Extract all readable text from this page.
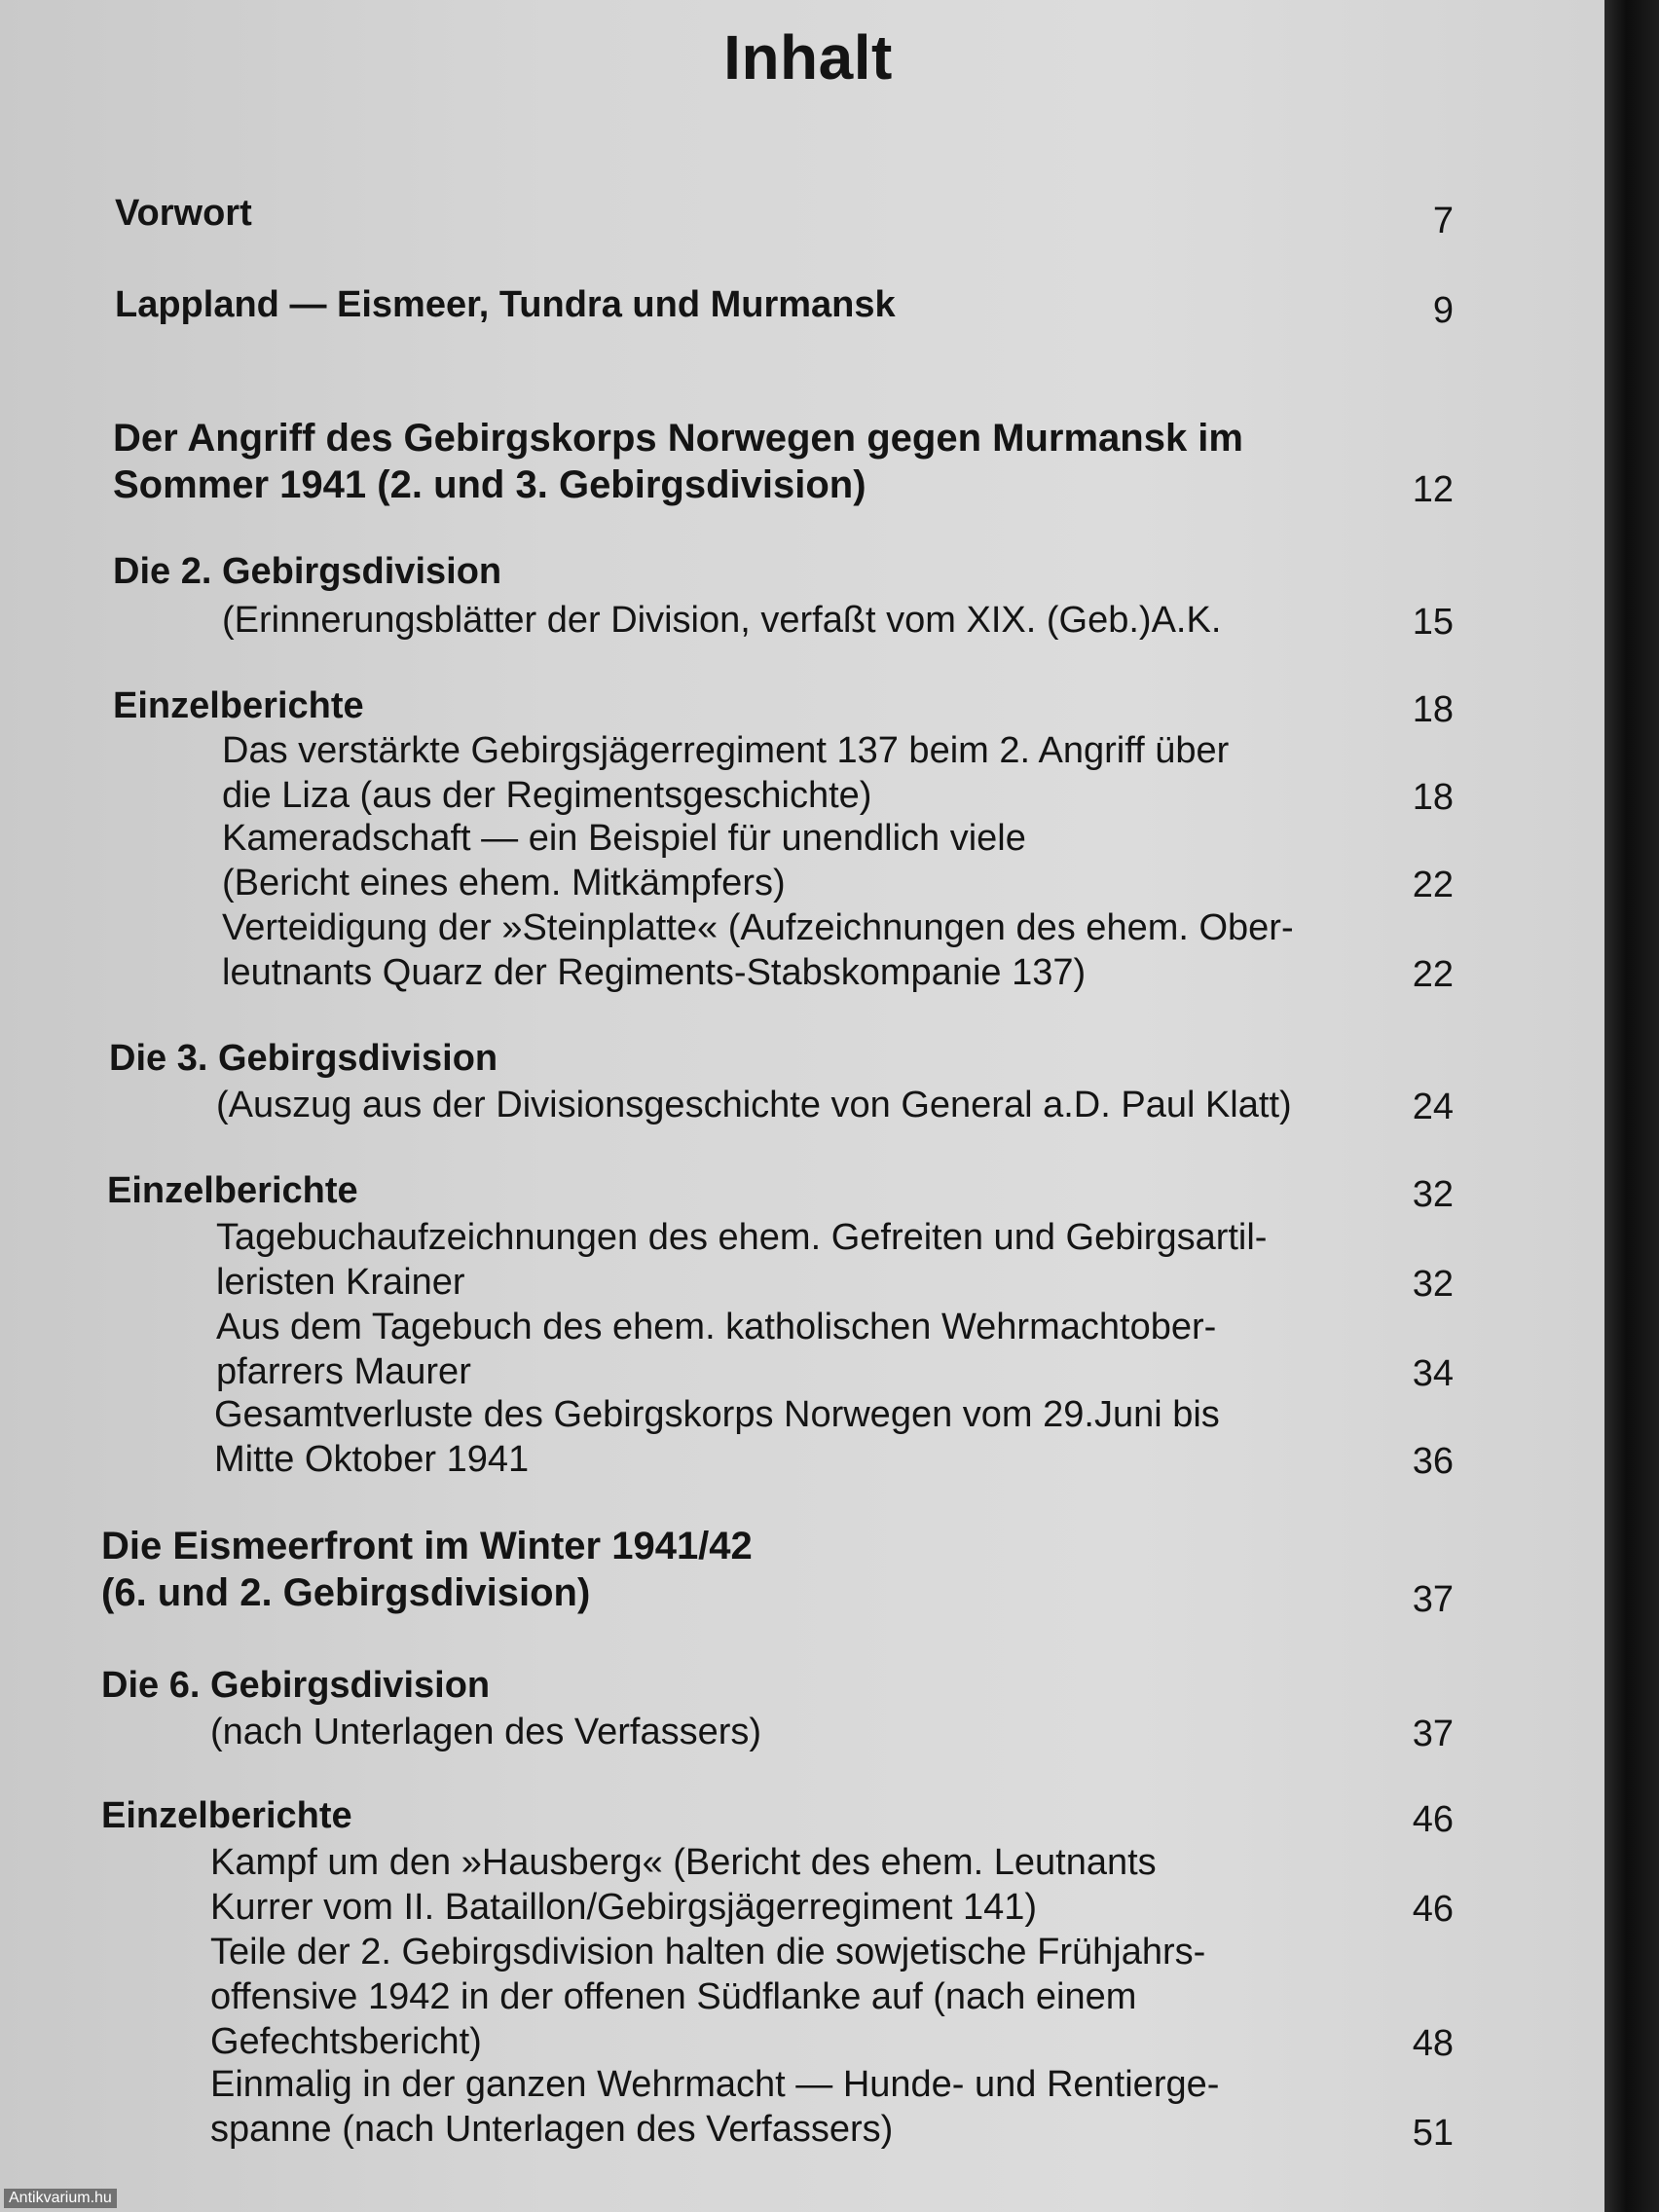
Inhalt
Vorwort	7
Lappland — Eismeer, Tundra und Murmansk	9
Der Angriff des Gebirgskorps Norwegen gegen Murmansk im
Sommer 1941 (2. und 3. Gebirgsdivision)	12
Die 2. Gebirgsdivision
(Erinnerungsblätter der Division, verfaßt vom XIX. (Geb.)A.K.	15
Einzelberichte	18
Das verstärkte Gebirgsjägerregiment 137 beim 2. Angriff über
die Liza (aus der Regimentsgeschichte)	18
Kameradschaft — ein Beispiel für unendlich viele
(Bericht eines ehem. Mitkämpfers)	22
Verteidigung der »Steinplatte« (Aufzeichnungen des ehem. Ober-
leutnants Quarz der Regiments-Stabskompanie 137)	22
Die 3. Gebirgsdivision
(Auszug aus der Divisionsgeschichte von General a.D. Paul Klatt)	24
Einzelberichte	32
Tagebuchaufzeichnungen des ehem. Gefreiten und Gebirgsartil-
leristen Krainer	32
Aus dem Tagebuch des ehem. katholischen Wehrmachtober-
pfarrers Maurer	34
Gesamtverluste des Gebirgskorps Norwegen vom 29.Juni bis
Mitte Oktober 1941	36
Die Eismeerfront im Winter 1941/42
(6. und 2. Gebirgsdivision)	37
Die 6. Gebirgsdivision
(nach Unterlagen des Verfassers)	37
Einzelberichte	46
Kampf um den »Hausberg« (Bericht des ehem. Leutnants
Kurrer vom II. Bataillon/Gebirgsjägerregiment 141)	46
Teile der 2. Gebirgsdivision halten die sowjetische Frühjahrs-
offensive 1942 in der offenen Südflanke auf (nach einem
Gefechtsbericht)	48
Einmalig in der ganzen Wehrmacht — Hunde- und Rentierge-
spanne (nach Unterlagen des Verfassers)	51
Antikvarium.hu
